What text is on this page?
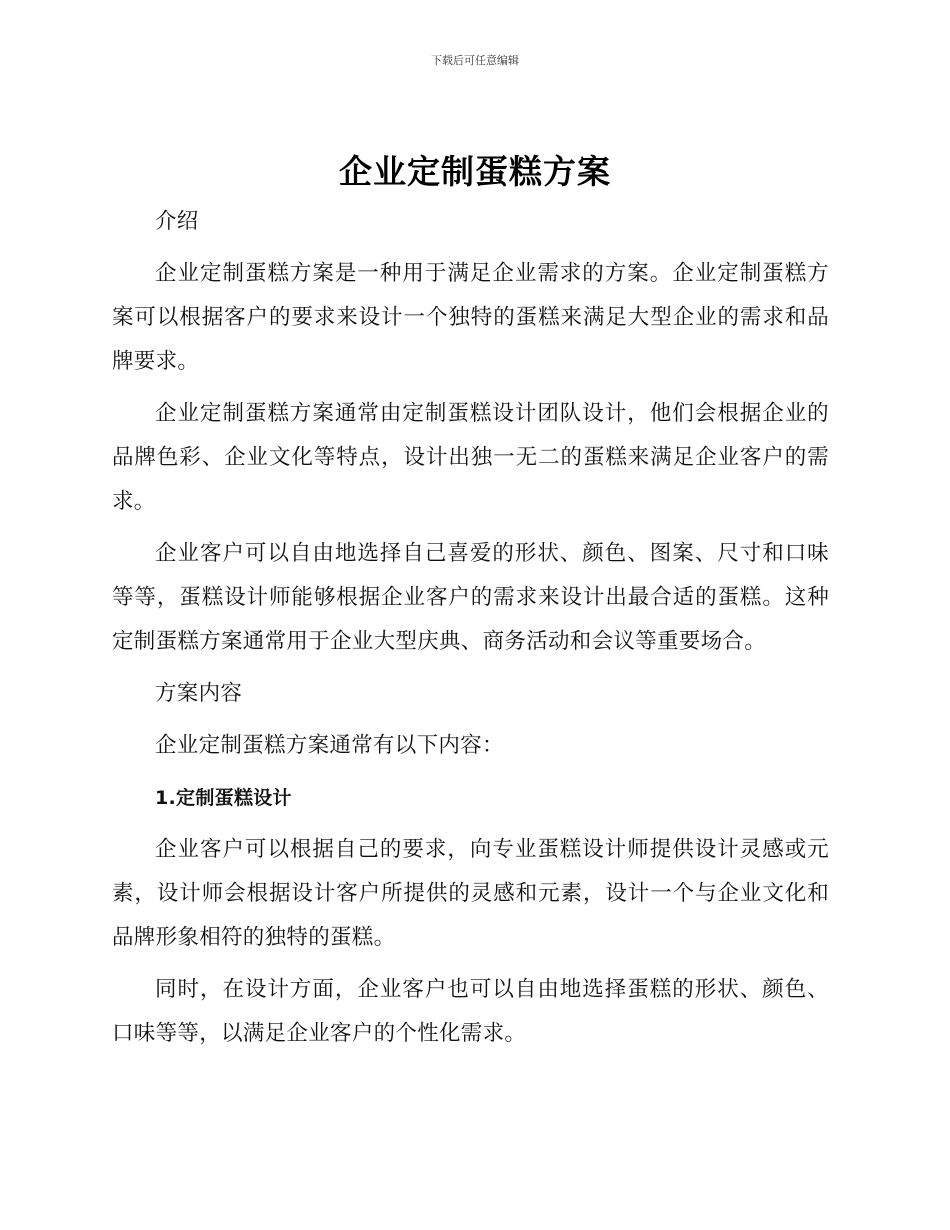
下载后可任意编辑
企业定制蛋糕方案

介绍

企业定制蛋糕方案是一种用于满足企业需求的方案。企业定制蛋糕方案可以根据客户的要求来设计一个独特的蛋糕来满足大型企业的需求和品牌要求。

企业定制蛋糕方案通常由定制蛋糕设计团队设计，他们会根据企业的品牌色彩、企业文化等特点，设计出独一无二的蛋糕来满足企业客户的需求。

企业客户可以自由地选择自己喜爱的形状、颜色、图案、尺寸和口味等等，蛋糕设计师能够根据企业客户的需求来设计出最合适的蛋糕。这种定制蛋糕方案通常用于企业大型庆典、商务活动和会议等重要场合。

方案内容

企业定制蛋糕方案通常有以下内容：

1.定制蛋糕设计

企业客户可以根据自己的要求，向专业蛋糕设计师提供设计灵感或元素，设计师会根据设计客户所提供的灵感和元素，设计一个与企业文化和品牌形象相符的独特的蛋糕。

同时，在设计方面，企业客户也可以自由地选择蛋糕的形状、颜色、口味等等，以满足企业客户的个性化需求。
